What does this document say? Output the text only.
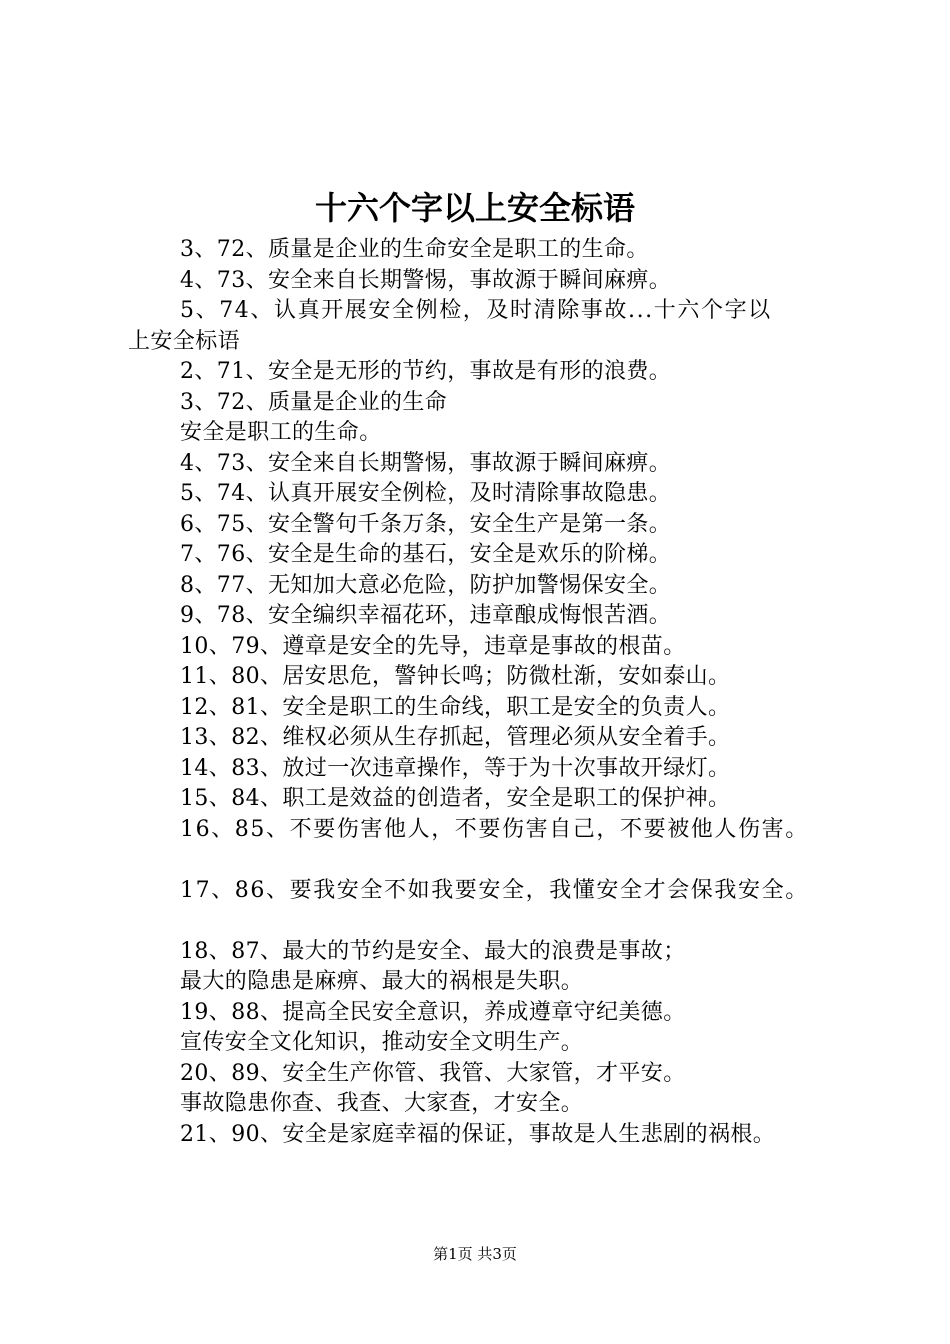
十六个字以上安全标语
3、72、质量是企业的生命安全是职工的生命。
4、73、安全来自长期警惕，事故源于瞬间麻痹。
5、74、认真开展安全例检，及时清除事故...十六个字以
上安全标语
2、71、安全是无形的节约，事故是有形的浪费。
3、72、质量是企业的生命
安全是职工的生命。
4、73、安全来自长期警惕，事故源于瞬间麻痹。
5、74、认真开展安全例检，及时清除事故隐患。
6、75、安全警句千条万条，安全生产是第一条。
7、76、安全是生命的基石，安全是欢乐的阶梯。
8、77、无知加大意必危险，防护加警惕保安全。
9、78、安全编织幸福花环，违章酿成悔恨苦酒。
10、79、遵章是安全的先导，违章是事故的根苗。
11、80、居安思危，警钟长鸣；防微杜渐，安如泰山。
12、81、安全是职工的生命线，职工是安全的负责人。
13、82、维权必须从生存抓起，管理必须从安全着手。
14、83、放过一次违章操作，等于为十次事故开绿灯。
15、84、职工是效益的创造者，安全是职工的保护神。
16、85、不要伤害他人，不要伤害自己，不要被他人伤害。
17、86、要我安全不如我要安全，我懂安全才会保我安全。
18、87、最大的节约是安全、最大的浪费是事故；
最大的隐患是麻痹、最大的祸根是失职。
19、88、提高全民安全意识，养成遵章守纪美德。
宣传安全文化知识，推动安全文明生产。
20、89、安全生产你管、我管、大家管，才平安。
事故隐患你查、我查、大家查，才安全。
21、90、安全是家庭幸福的保证，事故是人生悲剧的祸根。
第1页 共3页
